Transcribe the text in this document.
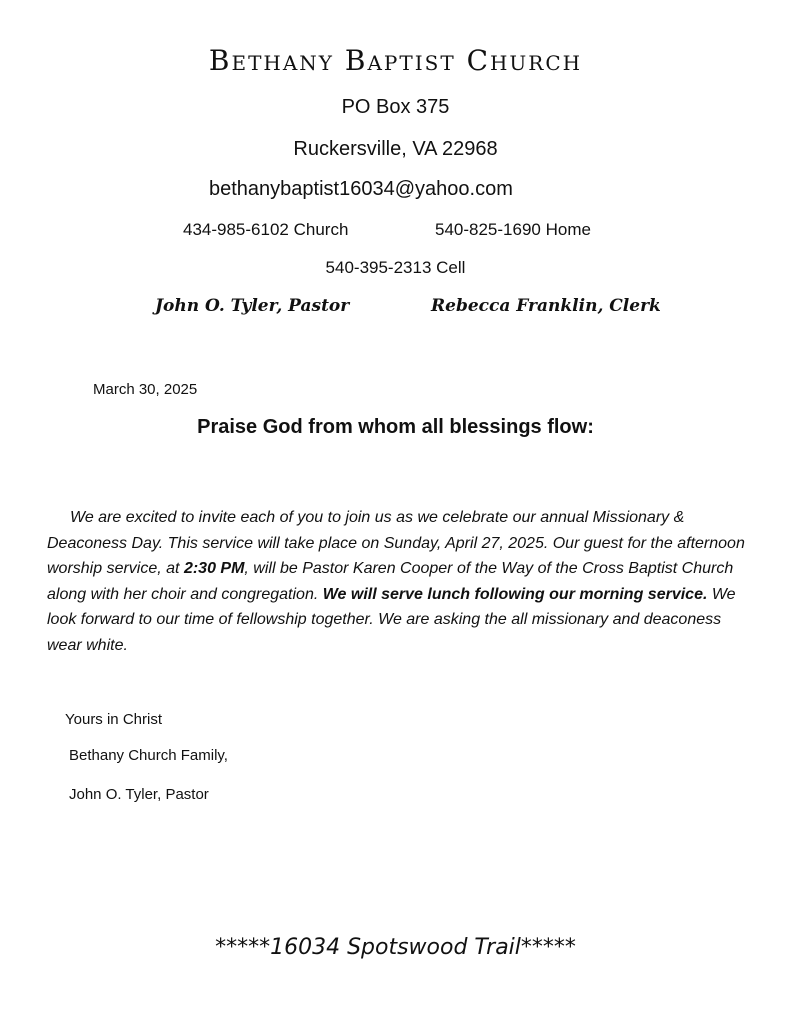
Bethany Baptist Church
PO Box 375
Ruckersville, VA 22968
bethanybaptist16034@yahoo.com
434-985-6102 Church	540-825-1690 Home
540-395-2313 Cell
John O. Tyler, Pastor	Rebecca Franklin, Clerk
March 30, 2025
Praise God from whom all blessings flow:

We are excited to invite each of you to join us as we celebrate our annual Missionary & Deaconess Day. This service will take place on Sunday, April 27, 2025. Our guest for the afternoon worship service, at 2:30 PM, will be Pastor Karen Cooper of the Way of the Cross Baptist Church along with her choir and congregation. We will serve lunch following our morning service. We look forward to our time of fellowship together. We are asking the all missionary and deaconess wear white.

Yours in Christ
Bethany Church Family,
John O. Tyler, Pastor
*****16034 Spotswood Trail*****
